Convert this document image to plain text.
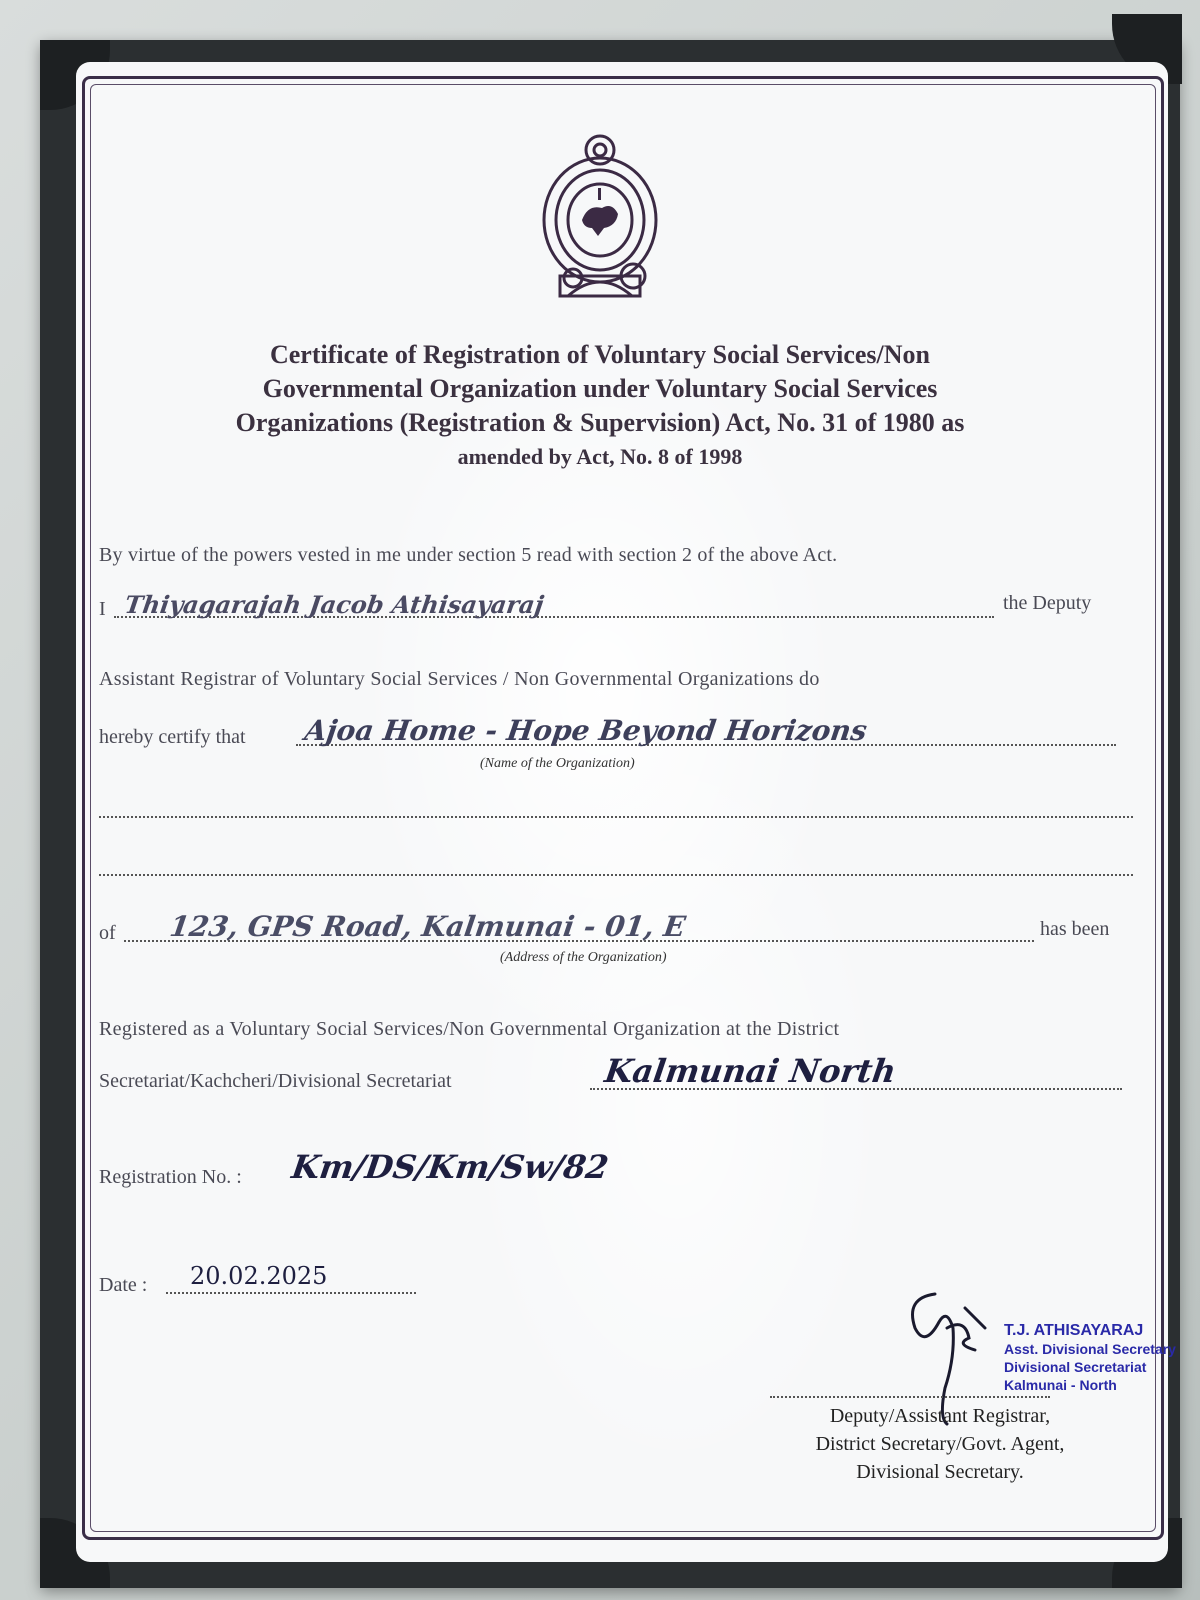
Certificate of Registration of Voluntary Social Services/Non
Governmental Organization under Voluntary Social Services
Organizations (Registration & Supervision) Act, No. 31 of 1980 as
amended by Act, No. 8 of 1998
By virtue of the powers vested in me under section 5 read with section 2 of the above Act.
I Thiyagarajah Jacob Athisayaraj	the Deputy
Assistant Registrar of Voluntary Social Services / Non Governmental Organizations do
hereby certify that Ajoa Home - Hope Beyond Horizons
(Name of the Organization)
of 123, GPS Road, Kalmunai - 01, E	has been
(Address of the Organization)
Registered as a Voluntary Social Services/Non Governmental Organization at the District
Secretariat/Kachcheri/Divisional Secretariat	Kalmunai North
Registration No. : Km/DS/Km/Sw/82
Date : 20.02.2025
T.J. ATHISAYARAJ
Asst. Divisional Secretary
Divisional Secretariat
Kalmunai - North
Deputy/Assistant Registrar,
District Secretary/Govt. Agent,
Divisional Secretary.
